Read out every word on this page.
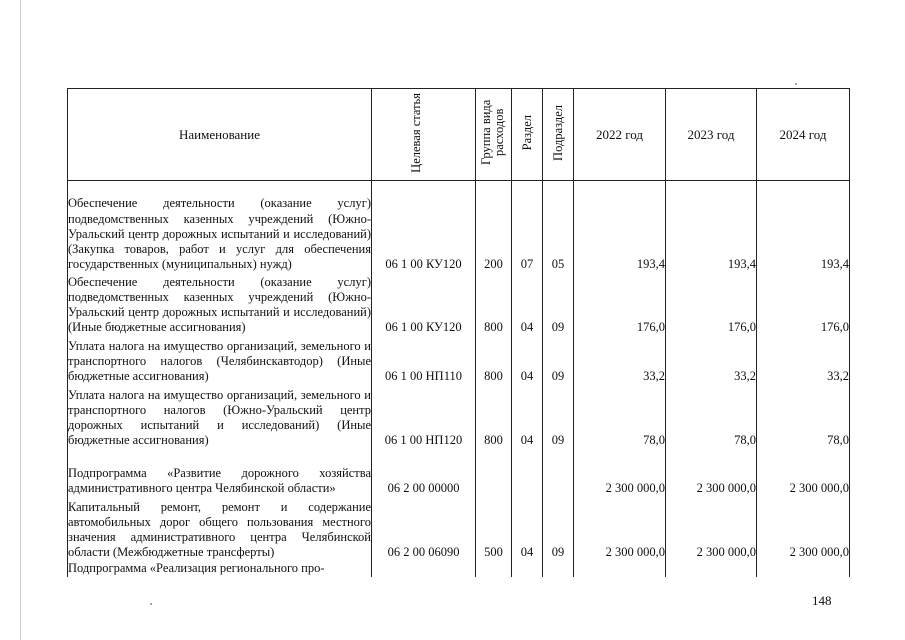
Наименование	Целевая статья	Группа вида расходов	Раздел	Подраздел	2022 год	2023 год	2024 год
Обеспечение деятельности (оказание услуг) подведомственных казенных учреждений (Южно-Уральский центр дорожных испытаний и исследований) (Закупка товаров, работ и услуг для обеспечения государственных (муниципальных) нужд)	06 1 00 КУ120	200	07	05	193,4	193,4	193,4
Обеспечение деятельности (оказание услуг) подведомственных казенных учреждений (Южно-Уральский центр дорожных испытаний и исследований) (Иные бюджетные ассигнования)	06 1 00 КУ120	800	04	09	176,0	176,0	176,0
Уплата налога на имущество организаций, земельного и транспортного налогов (Челябинскавтодор) (Иные бюджетные ассигнования)	06 1 00 НП110	800	04	09	33,2	33,2	33,2
Уплата налога на имущество организаций, земельного и транспортного налогов (Южно-Уральский центр дорожных испытаний и исследований) (Иные бюджетные ассигнования)	06 1 00 НП120	800	04	09	78,0	78,0	78,0
Подпрограмма «Развитие дорожного хозяйства административного центра Челябинской области»	06 2 00 00000				2 300 000,0	2 300 000,0	2 300 000,0
Капитальный ремонт, ремонт и содержание автомобильных дорог общего пользования местного значения административного центра Челябинской области (Межбюджетные трансферты)	06 2 00 06090	500	04	09	2 300 000,0	2 300 000,0	2 300 000,0
Подпрограмма «Реализация регионального про-							
148
